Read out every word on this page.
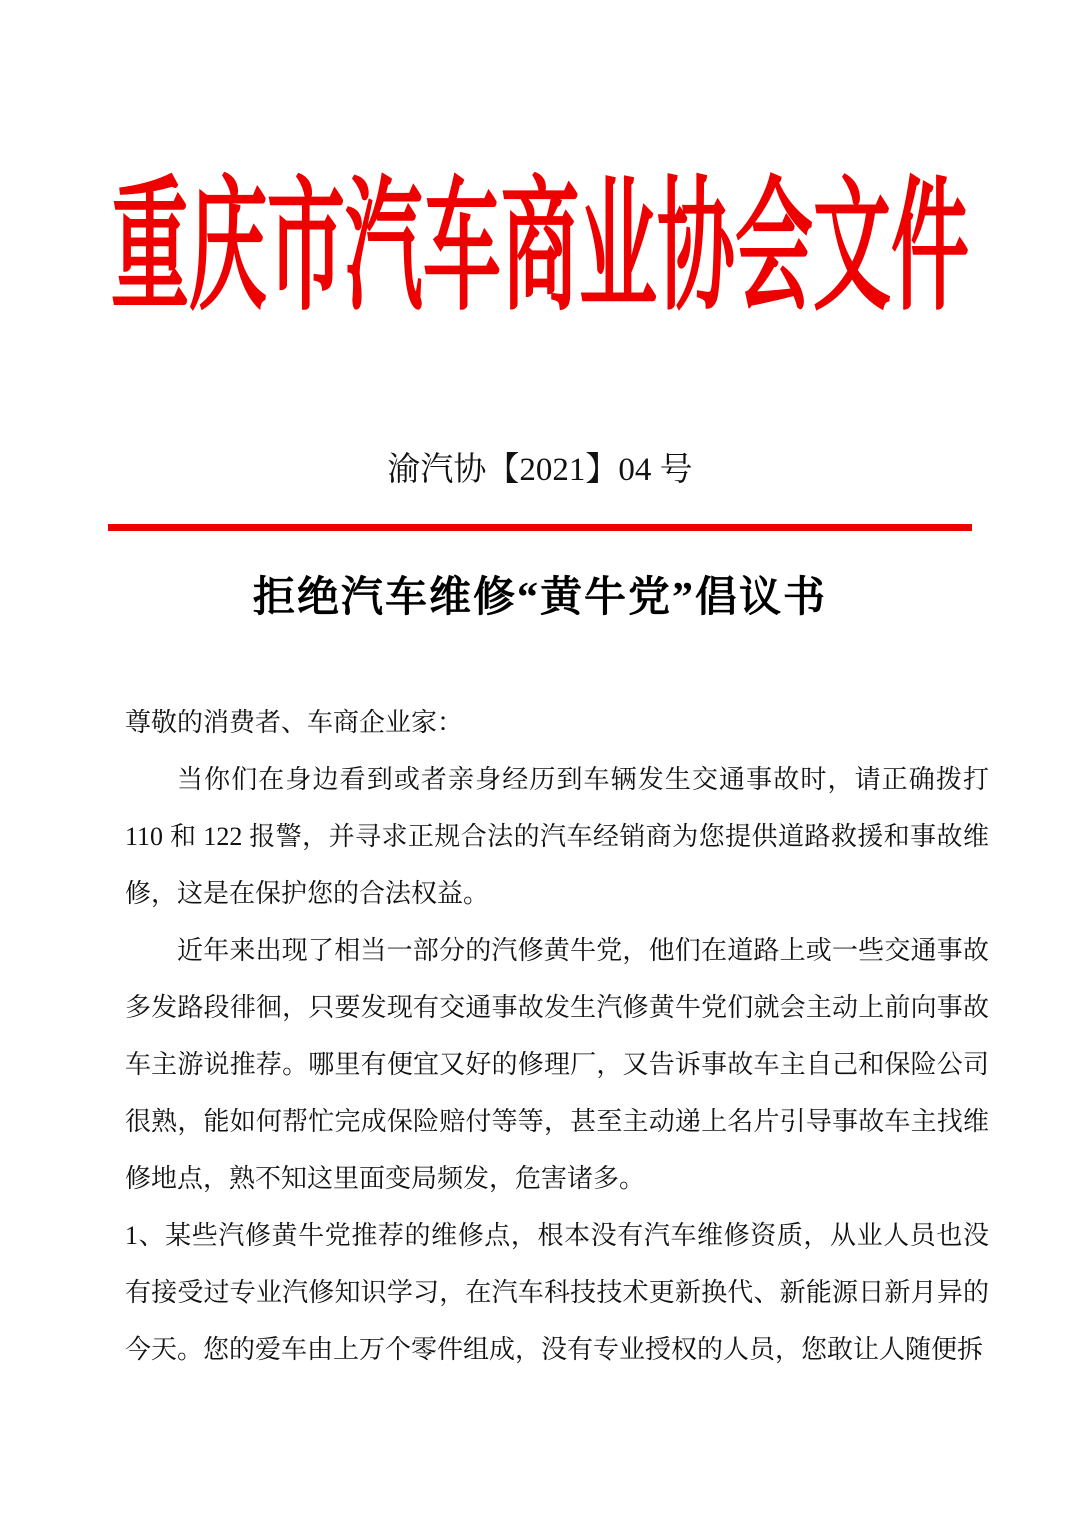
重庆市汽车商业协会文件
渝汽协【2021】04 号
拒绝汽车维修“黄牛党”倡议书

尊敬的消费者、车商企业家：

当你们在身边看到或者亲身经历到车辆发生交通事故时，请正确拨打110 和 122 报警，并寻求正规合法的汽车经销商为您提供道路救援和事故维修，这是在保护您的合法权益。

近年来出现了相当一部分的汽修黄牛党，他们在道路上或一些交通事故多发路段徘徊，只要发现有交通事故发生汽修黄牛党们就会主动上前向事故车主游说推荐。哪里有便宜又好的修理厂，又告诉事故车主自己和保险公司很熟，能如何帮忙完成保险赔付等等，甚至主动递上名片引导事故车主找维修地点，熟不知这里面变局频发，危害诸多。

1、某些汽修黄牛党推荐的维修点，根本没有汽车维修资质，从业人员也没有接受过专业汽修知识学习，在汽车科技技术更新换代、新能源日新月异的今天。您的爱车由上万个零件组成，没有专业授权的人员，您敢让人随便拆
